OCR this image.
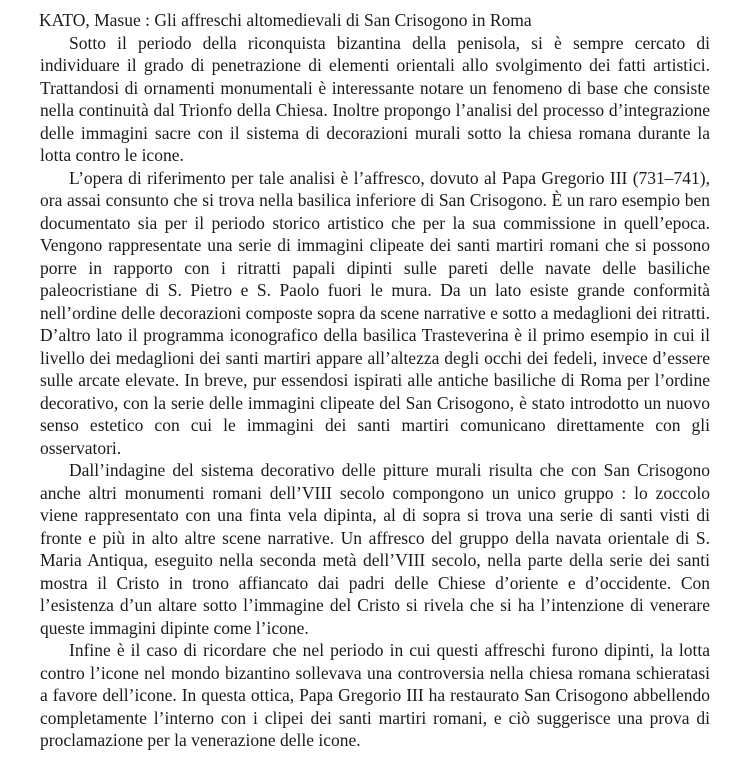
KATO, Masue : Gli affreschi altomedievali di San Crisogono in Roma

Sotto il periodo della riconquista bizantina della penisola, si è sempre cercato di individuare il grado di penetrazione di elementi orientali allo svolgimento dei fatti artistici. Trattandosi di ornamenti monumentali è interessante notare un fenomeno di base che consiste nella continuità dal Trionfo della Chiesa. Inoltre propongo l’analisi del processo d’integrazione delle immagini sacre con il sistema di decorazioni murali sotto la chiesa romana durante la lotta contro le icone.

L’opera di riferimento per tale analisi è l’affresco, dovuto al Papa Gregorio III (731–741), ora assai consunto che si trova nella basilica inferiore di San Crisogono. È un raro esempio ben documentato sia per il periodo storico artistico che per la sua commissione in quell’epoca. Vengono rappresentate una serie di immagini clipeate dei santi martiri romani che si possono porre in rapporto con i ritratti papali dipinti sulle pareti delle navate delle basiliche paleocristiane di S. Pietro e S. Paolo fuori le mura. Da un lato esiste grande conformità nell’ordine delle decorazioni composte sopra da scene narrative e sotto a medaglioni dei ritratti. D’altro lato il programma iconografico della basilica Trasteverina è il primo esempio in cui il livello dei medaglioni dei santi martiri appare all’altezza degli occhi dei fedeli, invece d’essere sulle arcate elevate. In breve, pur essendosi ispirati alle antiche basiliche di Roma per l’ordine decorativo, con la serie delle immagini clipeate del San Crisogono, è stato introdotto un nuovo senso estetico con cui le immagini dei santi martiri comunicano direttamente con gli osservatori.

Dall’indagine del sistema decorativo delle pitture murali risulta che con San Crisogono anche altri monumenti romani dell’VIII secolo compongono un unico gruppo : lo zoccolo viene rappresentato con una finta vela dipinta, al di sopra si trova una serie di santi visti di fronte e più in alto altre scene narrative. Un affresco del gruppo della navata orientale di S. Maria Antiqua, eseguito nella seconda metà dell’VIII secolo, nella parte della serie dei santi mostra il Cristo in trono affiancato dai padri delle Chiese d’oriente e d’occidente. Con l’esistenza d’un altare sotto l’immagine del Cristo si rivela che si ha l’intenzione di venerare queste immagini dipinte come l’icone.

Infine è il caso di ricordare che nel periodo in cui questi affreschi furono dipinti, la lotta contro l’icone nel mondo bizantino sollevava una controversia nella chiesa romana schieratasi a favore dell’icone. In questa ottica, Papa Gregorio III ha restaurato San Crisogono abbellendo completamente l’interno con i clipei dei santi martiri romani, e ciò suggerisce una prova di proclamazione per la venerazione delle icone.
